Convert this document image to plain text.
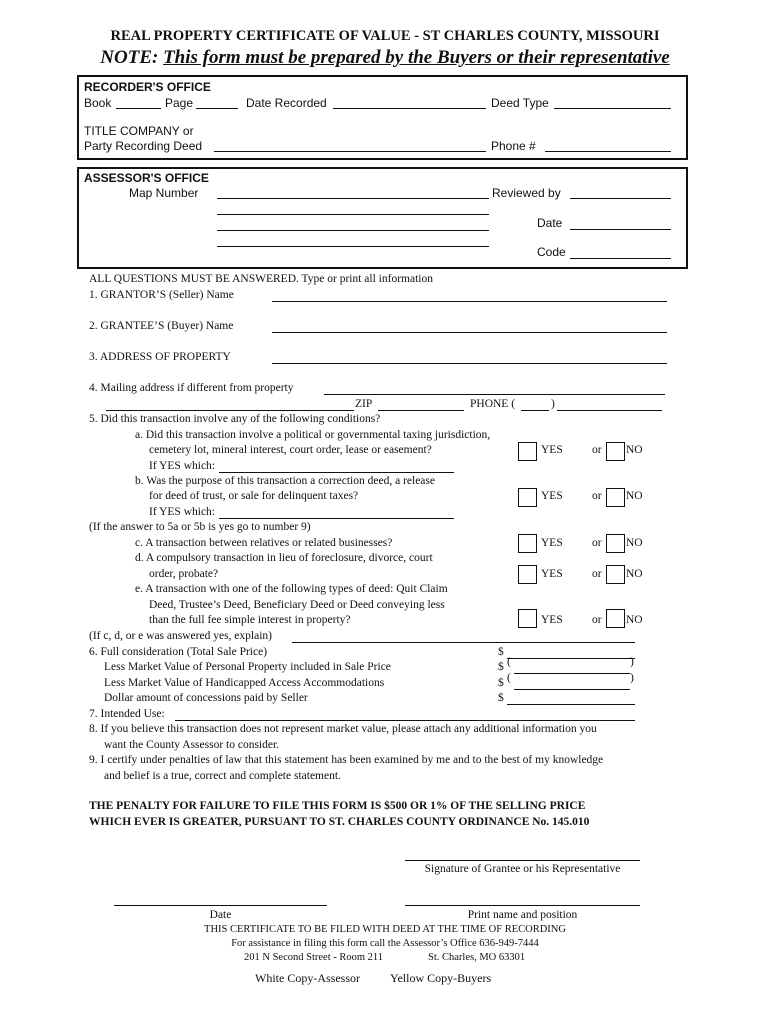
REAL PROPERTY CERTIFICATE OF VALUE - ST CHARLES COUNTY, MISSOURI
NOTE: This form must be prepared by the Buyers or their representative
RECORDER'S OFFICE
Book	Page	Date Recorded	Deed Type
TITLE COMPANY or
Party Recording Deed	Phone #
ASSESSOR'S OFFICE
Map Number	Reviewed by
Date
Code
ALL QUESTIONS MUST BE ANSWERED. Type or print all information
1. GRANTOR’S (Seller) Name
2. GRANTEE’S (Buyer) Name
3. ADDRESS OF PROPERTY
4. Mailing address if different from property
ZIP	PHONE (	)
5. Did this transaction involve any of the following conditions?
a. Did this transaction involve a political or governmental taxing jurisdiction,
cemetery lot, mineral interest, court order, lease or easement?
If YES which:
YES	or NO
b. Was the purpose of this transaction a correction deed, a release
for deed of trust, or sale for delinquent taxes?
If YES which:
YES	or NO
(If the answer to 5a or 5b is yes go to number 9)
c. A transaction between relatives or related businesses?	YES	or NO
d. A compulsory transaction in lieu of foreclosure, divorce, court
order, probate?	YES	or NO
e. A transaction with one of the following types of deed: Quit Claim
Deed, Trustee’s Deed, Beneficiary Deed or Deed conveying less
than the full fee simple interest in property?	YES	or NO
(If c, d, or e was answered yes, explain)
6. Full consideration (Total Sale Price)	$
Less Market Value of Personal Property included in Sale Price	$ (	)
Less Market Value of Handicapped Access Accommodations	$ (	)
Dollar amount of concessions paid by Seller	$
7. Intended Use:
8. If you believe this transaction does not represent market value, please attach any additional information you
want the County Assessor to consider.
9. I certify under penalties of law that this statement has been examined by me and to the best of my knowledge
and belief is a true, correct and complete statement.
THE PENALTY FOR FAILURE TO FILE THIS FORM IS $500 OR 1% OF THE SELLING PRICE
WHICH EVER IS GREATER, PURSUANT TO ST. CHARLES COUNTY ORDINANCE No. 145.010
Signature of Grantee or his Representative
Date	Print name and position
THIS CERTIFICATE TO BE FILED WITH DEED AT THE TIME OF RECORDING
For assistance in filing this form call the Assessor’s Office 636-949-7444
201 N Second Street - Room 211	St. Charles, MO 63301
White Copy-Assessor	Yellow Copy-Buyers
